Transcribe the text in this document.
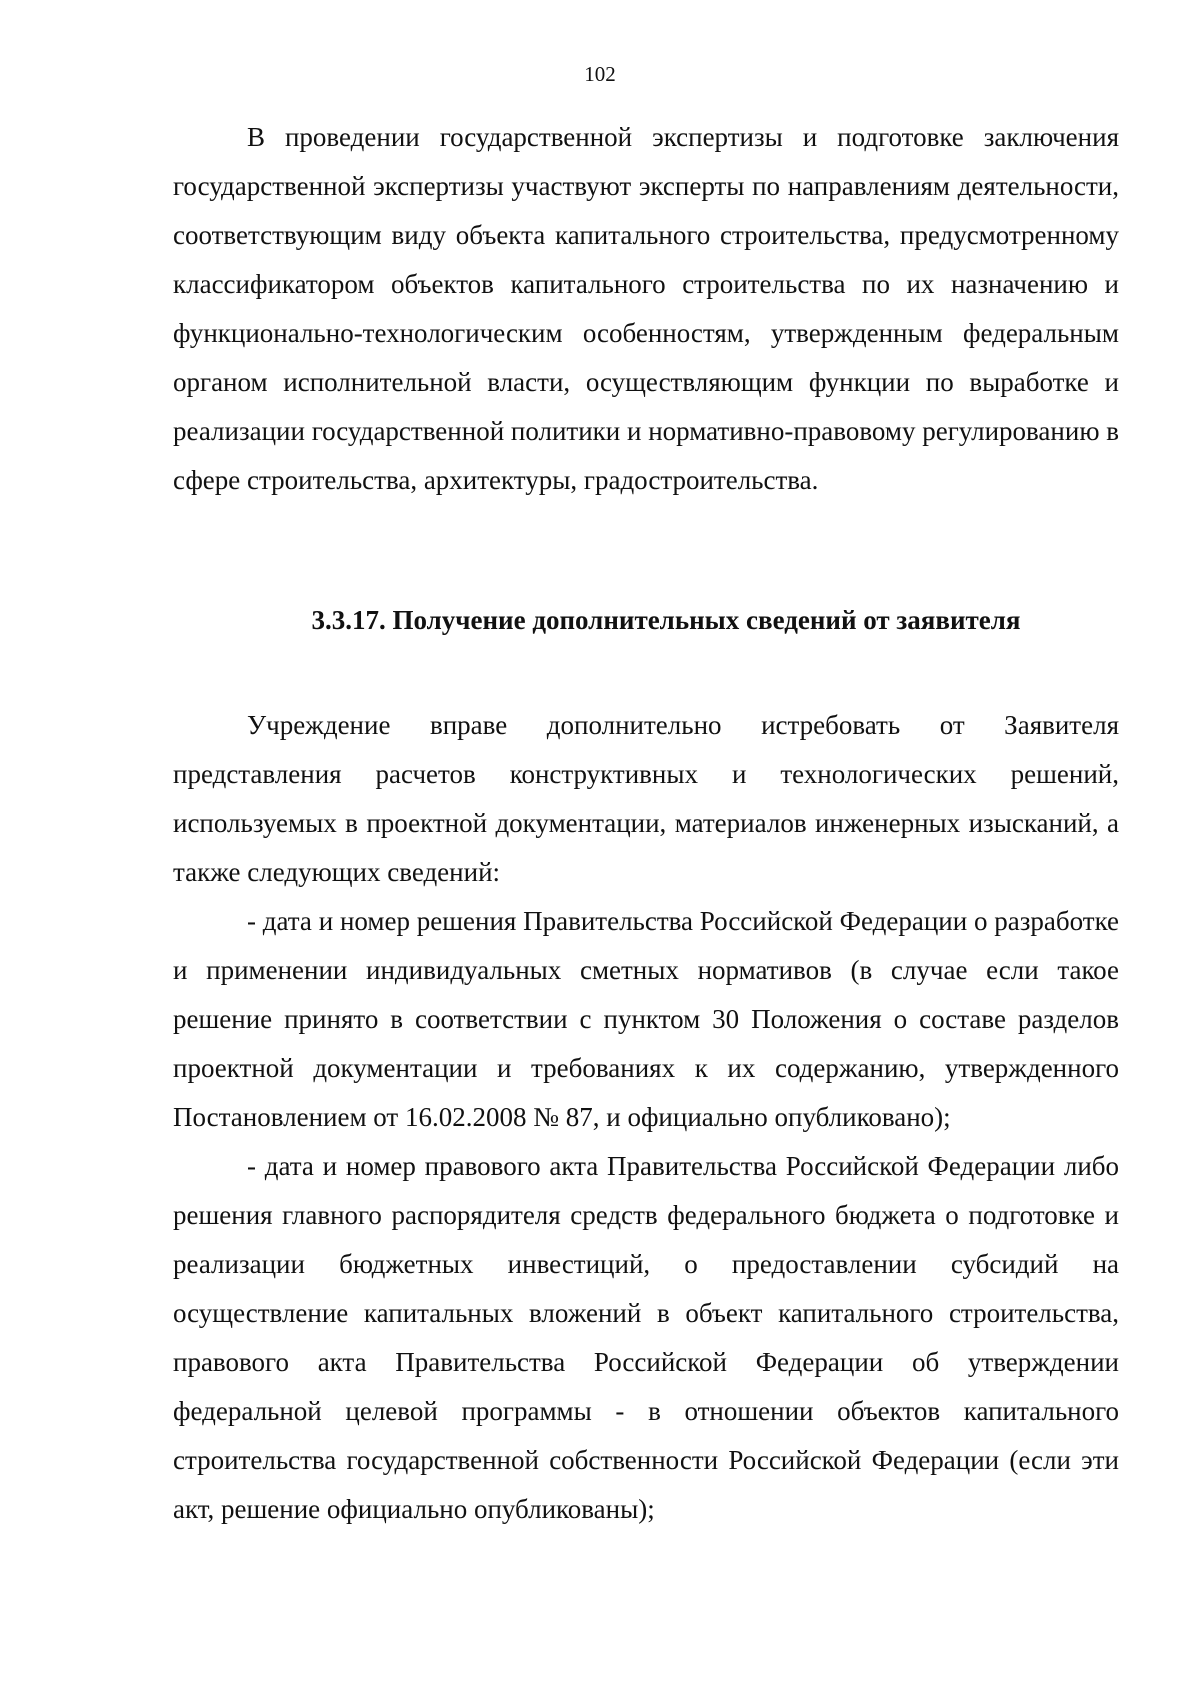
102

В проведении государственной экспертизы и подготовке заключения государственной экспертизы участвуют эксперты по направлениям деятельности, соответствующим виду объекта капитального строительства, предусмотренному классификатором объектов капитального строительства по их назначению и функционально-технологическим особенностям, утвержденным федеральным органом исполнительной власти, осуществляющим функции по выработке и реализации государственной политики и нормативно-правовому регулированию в сфере строительства, архитектуры, градостроительства.

3.3.17. Получение дополнительных сведений от заявителя

Учреждение вправе дополнительно истребовать от Заявителя представления расчетов конструктивных и технологических решений, используемых в проектной документации, материалов инженерных изысканий, а также следующих сведений:

- дата и номер решения Правительства Российской Федерации о разработке и применении индивидуальных сметных нормативов (в случае если такое решение принято в соответствии с пунктом 30 Положения о составе разделов проектной документации и требованиях к их содержанию, утвержденного Постановлением от 16.02.2008 № 87, и официально опубликовано);

- дата и номер правового акта Правительства Российской Федерации либо решения главного распорядителя средств федерального бюджета о подготовке и реализации бюджетных инвестиций, о предоставлении субсидий на осуществление капитальных вложений в объект капитального строительства, правового акта Правительства Российской Федерации об утверждении федеральной целевой программы - в отношении объектов капитального строительства государственной собственности Российской Федерации (если эти акт, решение официально опубликованы);
